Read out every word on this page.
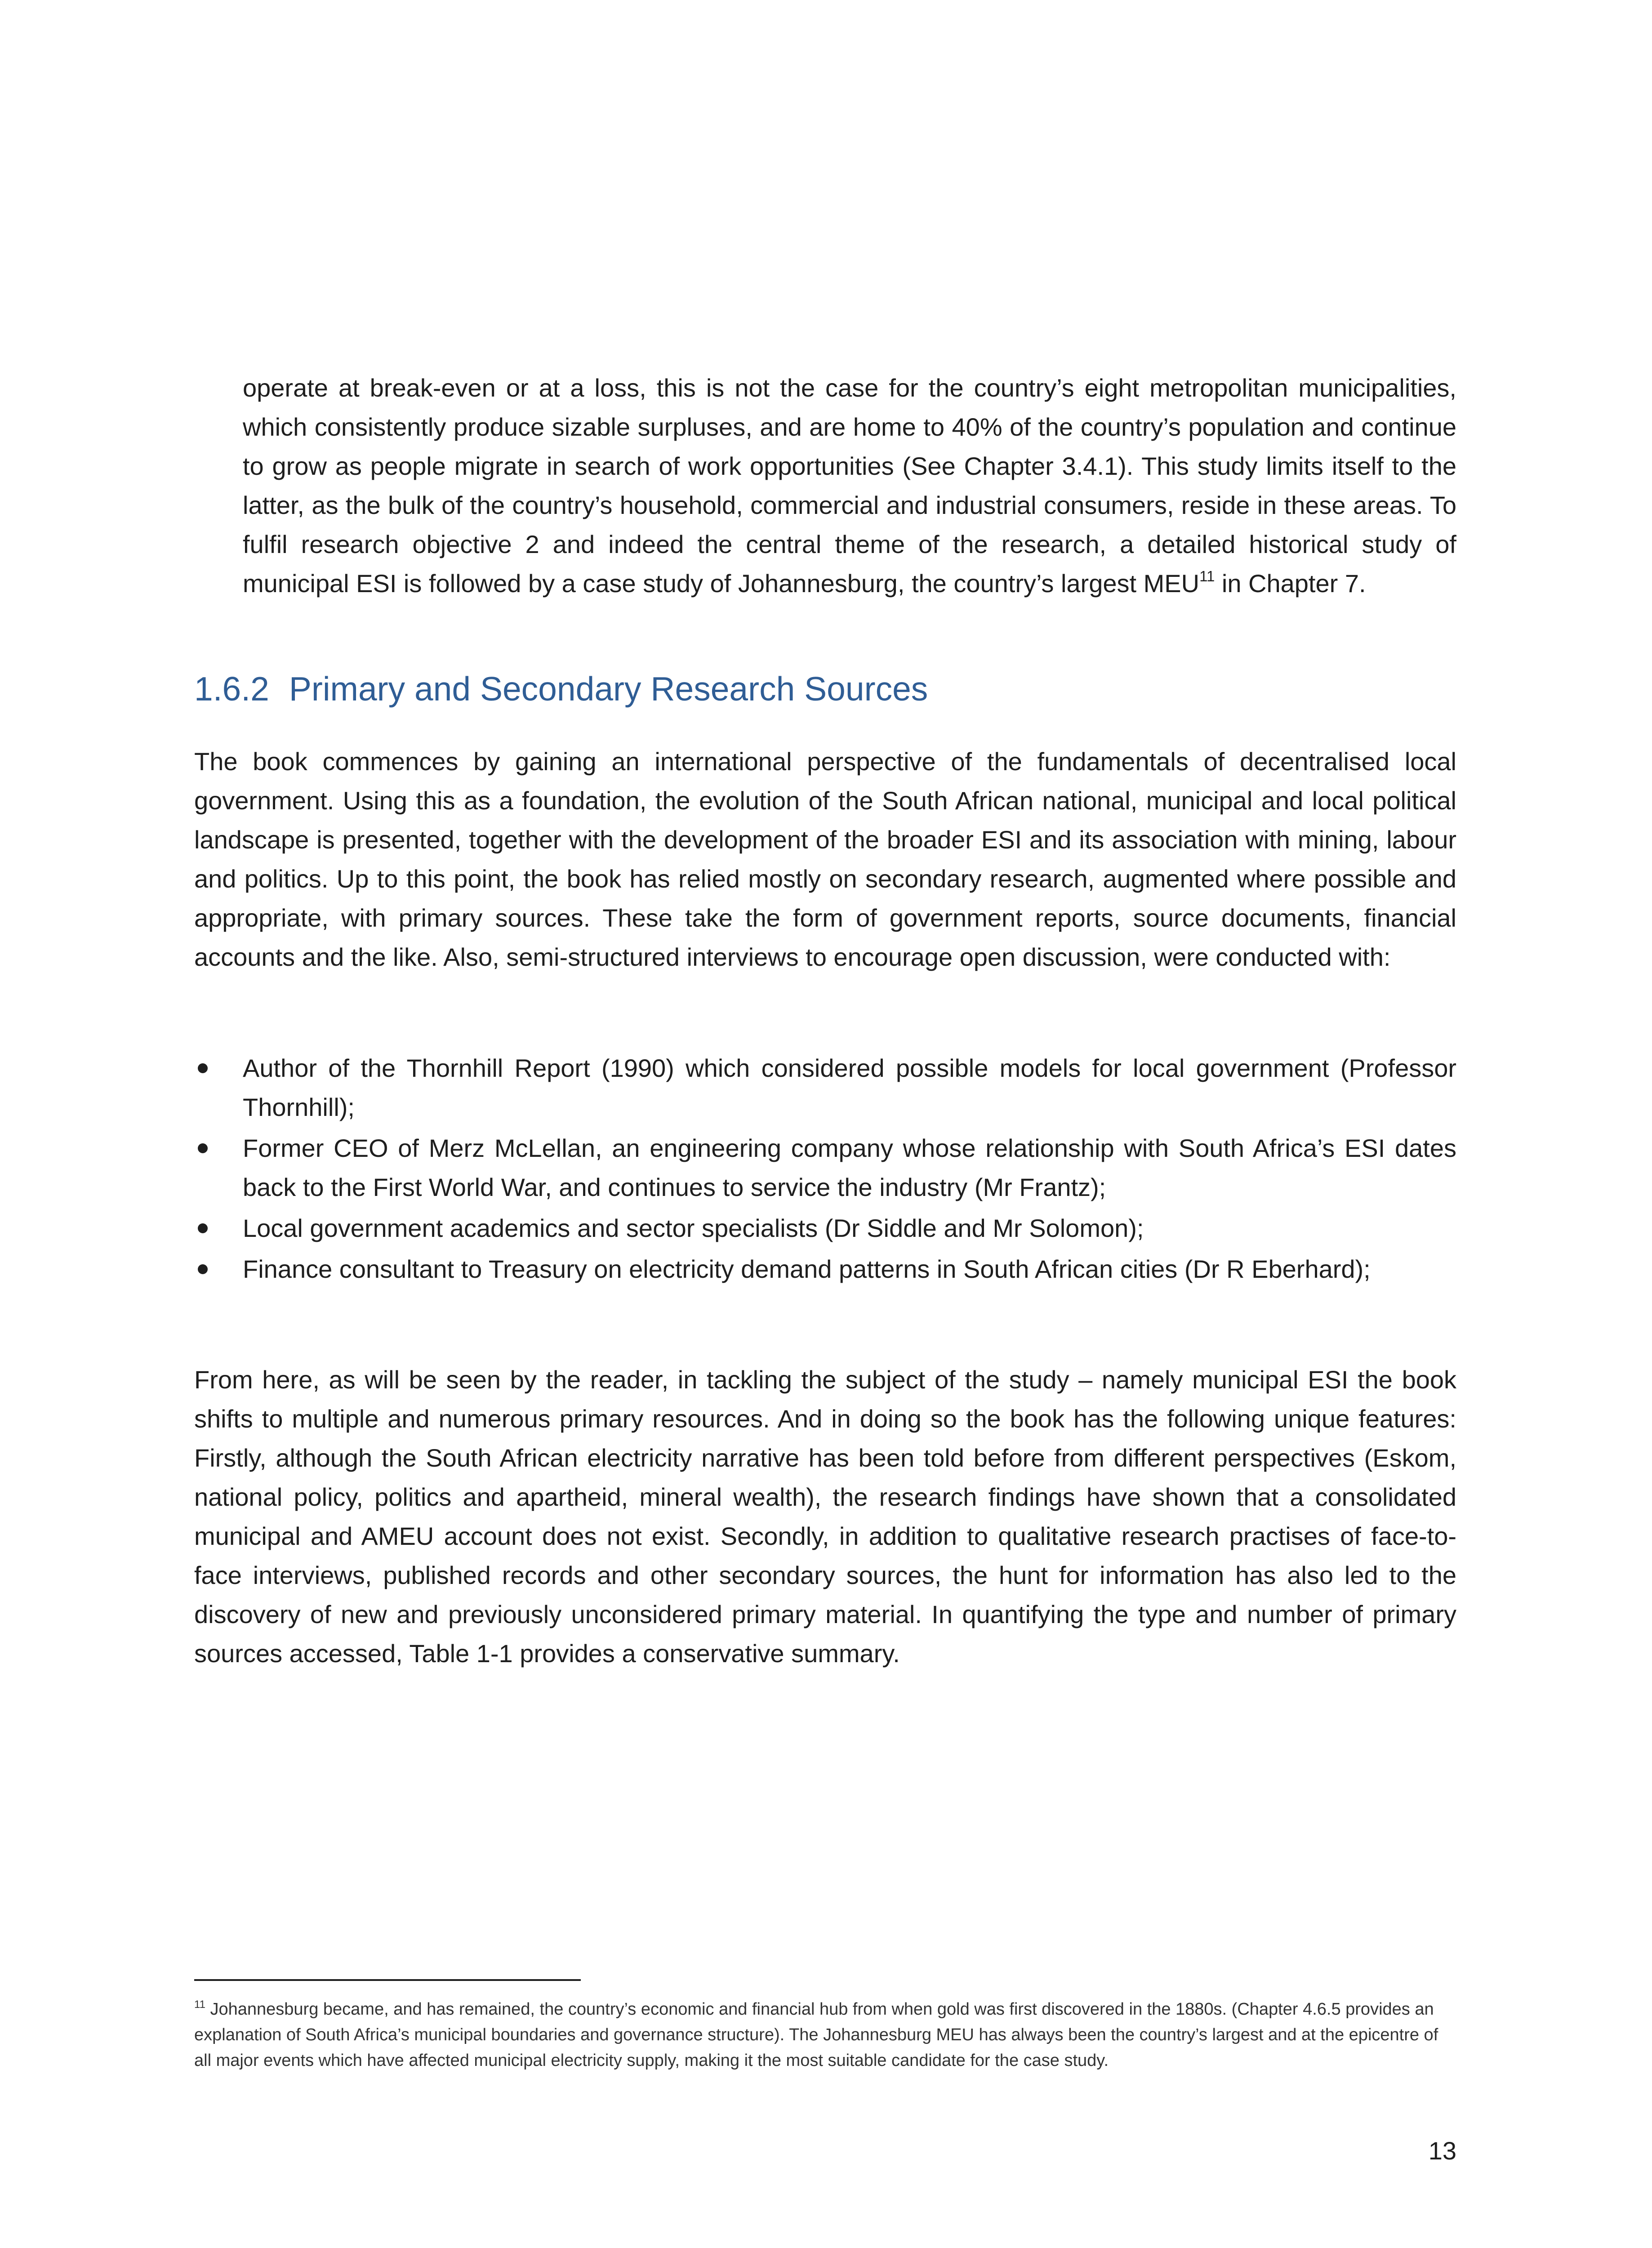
operate at break-even or at a loss, this is not the case for the country’s eight metropolitan municipalities, which consistently produce sizable surpluses, and are home to 40% of the country’s population and continue to grow as people migrate in search of work opportunities (See Chapter 3.4.1). This study limits itself to the latter, as the bulk of the country’s household, commercial and industrial consumers, reside in these areas. To fulfil research objective 2 and indeed the central theme of the research, a detailed historical study of municipal ESI is followed by a case study of Johannesburg, the country’s largest MEU$^{11}$ in Chapter 7.

1.6.2 Primary and Secondary Research Sources

The book commences by gaining an international perspective of the fundamentals of decentralised local government. Using this as a foundation, the evolution of the South African national, municipal and local political landscape is presented, together with the development of the broader ESI and its association with mining, labour and politics. Up to this point, the book has relied mostly on secondary research, augmented where possible and appropriate, with primary sources. These take the form of government reports, source documents, financial accounts and the like. Also, semi-structured interviews to encourage open discussion, were conducted with:

Author of the Thornhill Report (1990) which considered possible models for local government (Professor Thornhill);
Former CEO of Merz McLellan, an engineering company whose relationship with South Africa’s ESI dates back to the First World War, and continues to service the industry (Mr Frantz);
Local government academics and sector specialists (Dr Siddle and Mr Solomon);
Finance consultant to Treasury on electricity demand patterns in South African cities (Dr R Eberhard);

From here, as will be seen by the reader, in tackling the subject of the study – namely municipal ESI the book shifts to multiple and numerous primary resources. And in doing so the book has the following unique features: Firstly, although the South African electricity narrative has been told before from different perspectives (Eskom, national policy, politics and apartheid, mineral wealth), the research findings have shown that a consolidated municipal and AMEU account does not exist. Secondly, in addition to qualitative research practises of face-to-face interviews, published records and other secondary sources, the hunt for information has also led to the discovery of new and previously unconsidered primary material. In quantifying the type and number of primary sources accessed, Table 1-1 provides a conservative summary.

$^{11}$ Johannesburg became, and has remained, the country’s economic and financial hub from when gold was first discovered in the 1880s. (Chapter 4.6.5 provides an explanation of South Africa’s municipal boundaries and governance structure). The Johannesburg MEU has always been the country’s largest and at the epicentre of all major events which have affected municipal electricity supply, making it the most suitable candidate for the case study.

13
